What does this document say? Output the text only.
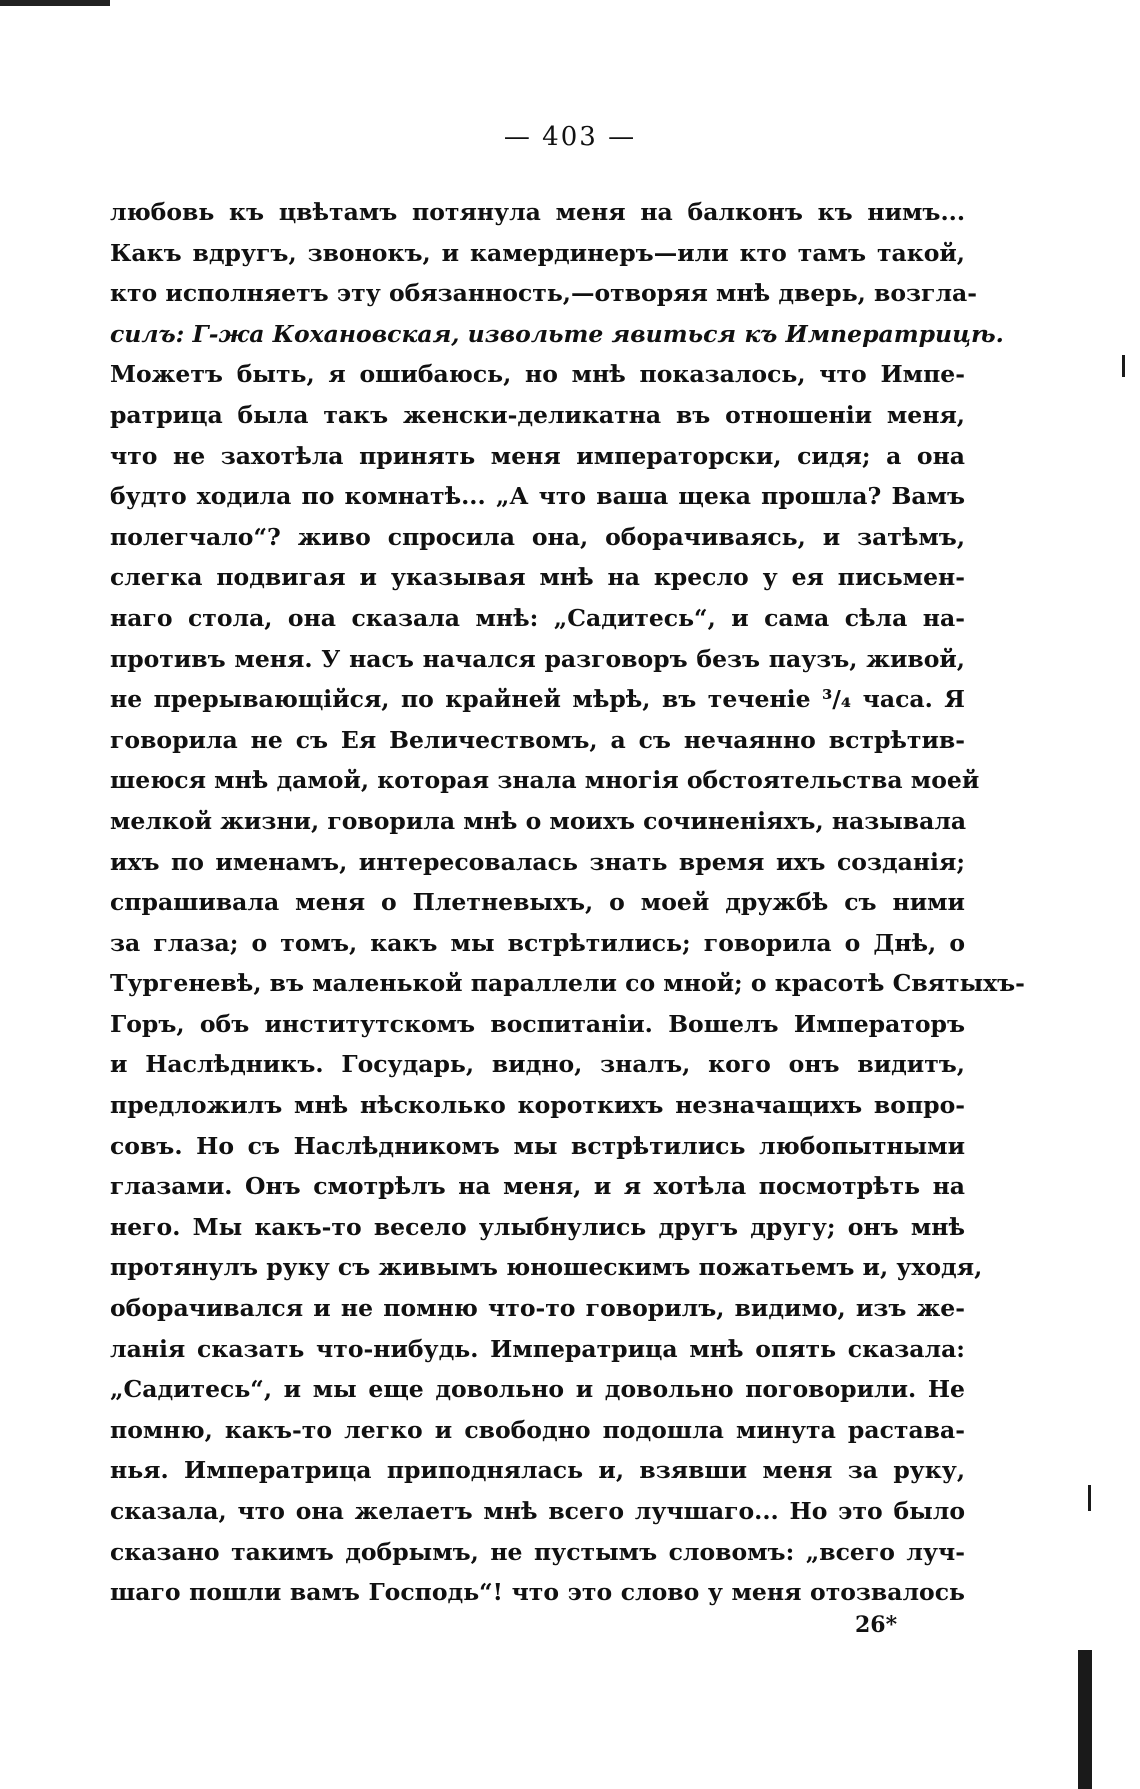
— 403 —
любовь къ цвѣтамъ потянула меня на балконъ къ нимъ...
Какъ вдругъ, звонокъ, и камердинеръ—или кто тамъ такой,
кто исполняетъ эту обязанность,—отворяя мнѣ дверь, возгла-
силъ: Г-жа Кохановская, извольте явиться къ Императрицѣ.
Можетъ быть, я ошибаюсь, но мнѣ показалось, что Импе-
ратрица была такъ женски-деликатна въ отношеніи меня,
что не захотѣла принять меня императорски, сидя; а она
будто ходила по комнатѣ... „А что ваша щека прошла? Вамъ
полегчало“? живо спросила она, оборачиваясь, и затѣмъ,
слегка подвигая и указывая мнѣ на кресло у ея письмен-
наго стола, она сказала мнѣ: „Садитесь“, и сама сѣла на-
противъ меня. У насъ начался разговоръ безъ паузъ, живой,
не прерывающійся, по крайней мѣрѣ, въ теченіе ³/₄ часа. Я
говорила не съ Ея Величествомъ, а съ нечаянно встрѣтив-
шеюся мнѣ дамой, которая знала многія обстоятельства моей
мелкой жизни, говорила мнѣ о моихъ сочиненіяхъ, называла
ихъ по именамъ, интересовалась знать время ихъ созданія;
спрашивала меня о Плетневыхъ, о моей дружбѣ съ ними
за глаза; о томъ, какъ мы встрѣтились; говорила о Днѣ, о
Тургеневѣ, въ маленькой параллели со мной; о красотѣ Святыхъ-
Горъ, объ институтскомъ воспитаніи. Вошелъ Императоръ
и Наслѣдникъ. Государь, видно, зналъ, кого онъ видитъ,
предложилъ мнѣ нѣсколько короткихъ незначащихъ вопро-
совъ. Но съ Наслѣдникомъ мы встрѣтились любопытными
глазами. Онъ смотрѣлъ на меня, и я хотѣла посмотрѣть на
него. Мы какъ-то весело улыбнулись другъ другу; онъ мнѣ
протянулъ руку съ живымъ юношескимъ пожатьемъ и, уходя,
оборачивался и не помню что-то говорилъ, видимо, изъ же-
ланія сказать что-нибудь. Императрица мнѣ опять сказала:
„Садитесь“, и мы еще довольно и довольно поговорили. Не
помню, какъ-то легко и свободно подошла минута растава-
нья. Императрица приподнялась и, взявши меня за руку,
сказала, что она желаетъ мнѣ всего лучшаго... Но это было
сказано такимъ добрымъ, не пустымъ словомъ: „всего луч-
шаго пошли вамъ Господь“! что это слово у меня отозвалось
26*
